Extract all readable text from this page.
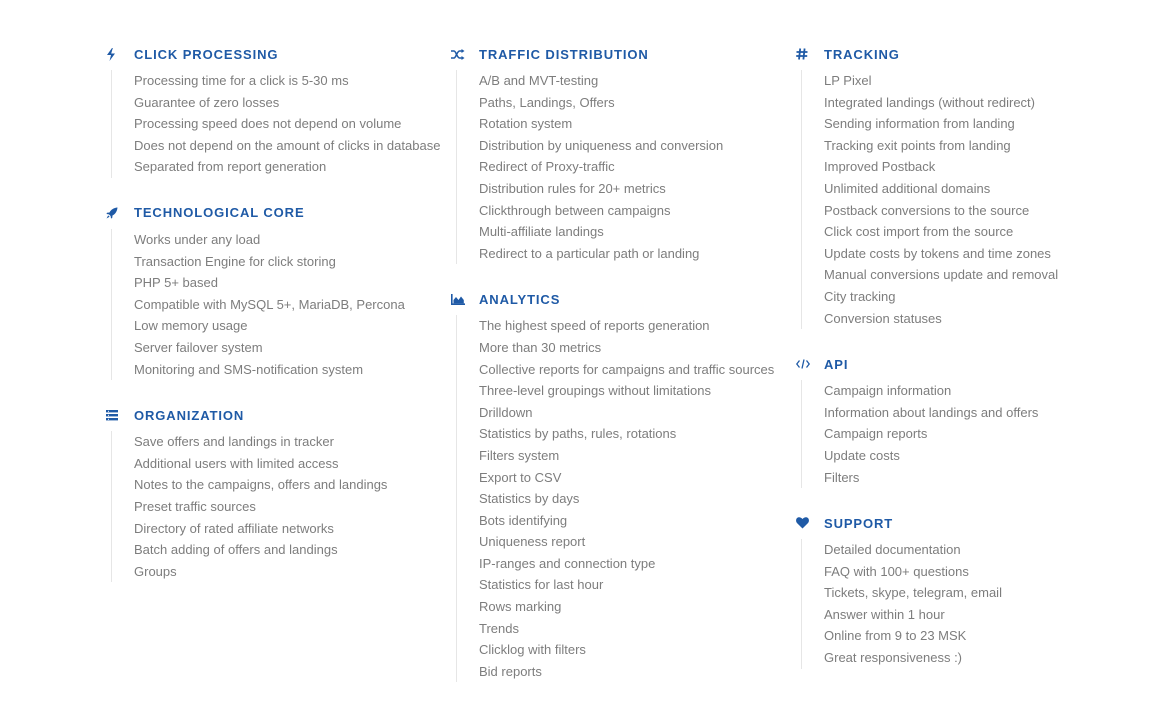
CLICK PROCESSING
Processing time for a click is 5-30 ms
Guarantee of zero losses
Processing speed does not depend on volume
Does not depend on the amount of clicks in database
Separated from report generation
TECHNOLOGICAL CORE
Works under any load
Transaction Engine for click storing
PHP 5+ based
Compatible with MySQL 5+, MariaDB, Percona
Low memory usage
Server failover system
Monitoring and SMS-notification system
ORGANIZATION
Save offers and landings in tracker
Additional users with limited access
Notes to the campaigns, offers and landings
Preset traffic sources
Directory of rated affiliate networks
Batch adding of offers and landings
Groups
TRAFFIC DISTRIBUTION
A/B and MVT-testing
Paths, Landings, Offers
Rotation system
Distribution by uniqueness and conversion
Redirect of Proxy-traffic
Distribution rules for 20+ metrics
Clickthrough between campaigns
Multi-affiliate landings
Redirect to a particular path or landing
ANALYTICS
The highest speed of reports generation
More than 30 metrics
Collective reports for campaigns and traffic sources
Three-level groupings without limitations
Drilldown
Statistics by paths, rules, rotations
Filters system
Export to CSV
Statistics by days
Bots identifying
Uniqueness report
IP-ranges and connection type
Statistics for last hour
Rows marking
Trends
Clicklog with filters
Bid reports
TRACKING
LP Pixel
Integrated landings (without redirect)
Sending information from landing
Tracking exit points from landing
Improved Postback
Unlimited additional domains
Postback conversions to the source
Click cost import from the source
Update costs by tokens and time zones
Manual conversions update and removal
City tracking
Conversion statuses
API
Campaign information
Information about landings and offers
Campaign reports
Update costs
Filters
SUPPORT
Detailed documentation
FAQ with 100+ questions
Tickets, skype, telegram, email
Answer within 1 hour
Online from 9 to 23 MSK
Great responsiveness :)
